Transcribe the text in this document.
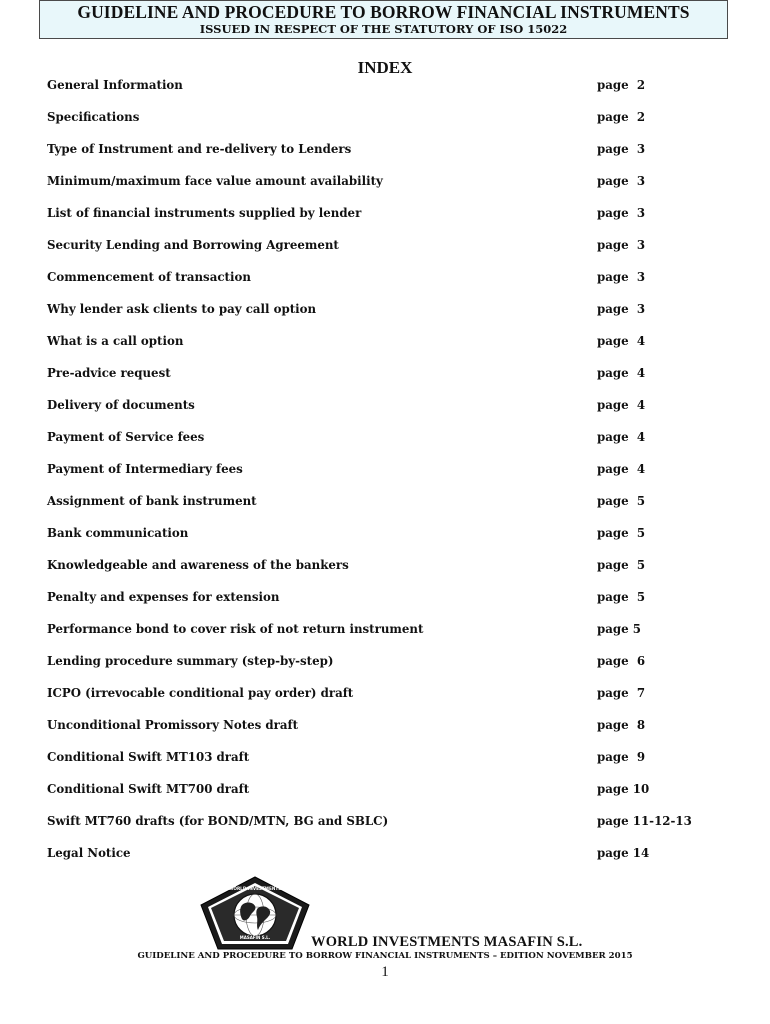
GUIDELINE AND PROCEDURE TO BORROW FINANCIAL INSTRUMENTS
ISSUED IN RESPECT OF THE STATUTORY OF ISO 15022
INDEX
General Information	page  2
Specifications	page  2
Type of Instrument and re-delivery to Lenders	page  3
Minimum/maximum face value amount availability	page  3
List of financial instruments supplied by lender	page  3
Security Lending and Borrowing Agreement	page  3
Commencement of transaction	page  3
Why lender ask clients to pay call option	page  3
What is a call option	page  4
Pre-advice request	page  4
Delivery of documents	page  4
Payment of Service fees	page  4
Payment of Intermediary fees	page  4
Assignment of bank instrument	page  5
Bank communication	page  5
Knowledgeable and awareness of the bankers	page  5
Penalty and expenses for extension	page  5
Performance bond to cover risk of not return instrument	page 5
Lending procedure summary (step-by-step)	page  6
ICPO (irrevocable conditional pay order) draft	page  7
Unconditional Promissory Notes draft	page  8
Conditional Swift MT103 draft	page  9
Conditional Swift MT700 draft	page 10
Swift MT760 drafts (for BOND/MTN, BG and SBLC)	page 11-12-13
Legal Notice	page 14
WORLD INVESTMENTS
MASAFIN S.L.	WORLD INVESTMENTS MASAFIN S.L.
GUIDELINE AND PROCEDURE TO BORROW FINANCIAL INSTRUMENTS – EDITION NOVEMBER 2015
1
